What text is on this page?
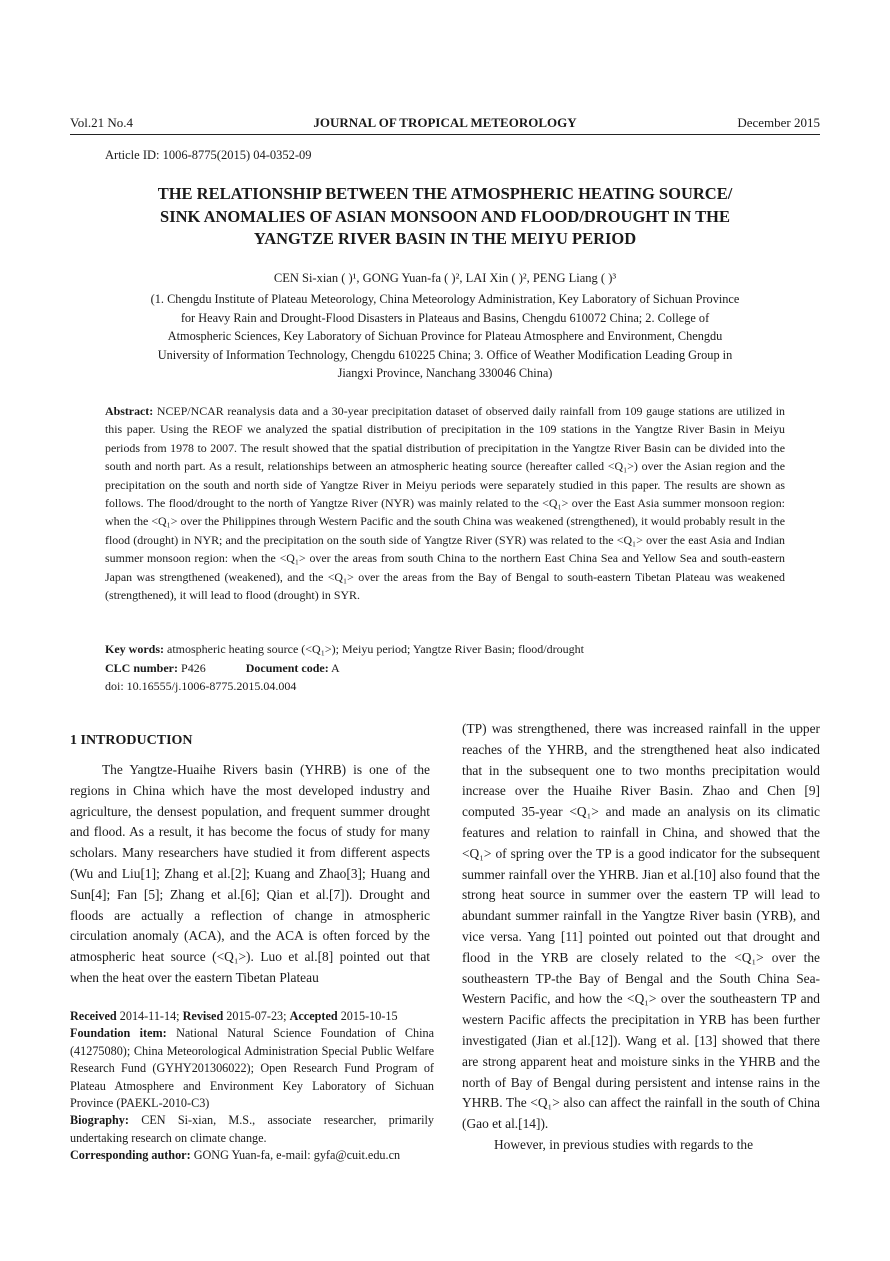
Vol.21 No.4	JOURNAL OF TROPICAL METEOROLOGY	December 2015
Article ID: 1006-8775(2015) 04-0352-09
THE RELATIONSHIP BETWEEN THE ATMOSPHERIC HEATING SOURCE/
SINK ANOMALIES OF ASIAN MONSOON AND FLOOD/DROUGHT IN THE
YANGTZE RIVER BASIN IN THE MEIYU PERIOD
CEN Si-xian ( )¹, GONG Yuan-fa ( )², LAI Xin ( )², PENG Liang ( )³
(1. Chengdu Institute of Plateau Meteorology, China Meteorology Administration, Key Laboratory of Sichuan Province
for Heavy Rain and Drought-Flood Disasters in Plateaus and Basins, Chengdu 610072 China; 2. College of
Atmospheric Sciences, Key Laboratory of Sichuan Province for Plateau Atmosphere and Environment, Chengdu
University of Information Technology, Chengdu 610225 China; 3. Office of Weather Modification Leading Group in
Jiangxi Province, Nanchang 330046 China)

Abstract: NCEP/NCAR reanalysis data and a 30-year precipitation dataset of observed daily rainfall from 109 gauge stations are utilized in this paper. Using the REOF we analyzed the spatial distribution of precipitation in the 109 stations in the Yangtze River Basin in Meiyu periods from 1978 to 2007. The result showed that the spatial distribution of precipitation in the Yangtze River Basin can be divided into the south and north part. As a result, relationships between an atmospheric heating source (hereafter called <Q₁>) over the Asian region and the precipitation on the south and north side of Yangtze River in Meiyu periods were separately studied in this paper. The results are shown as follows. The flood/drought to the north of Yangtze River (NYR) was mainly related to the <Q₁> over the East Asia summer monsoon region: when the <Q₁> over the Philippines through Western Pacific and the south China was weakened (strengthened), it would probably result in the flood (drought) in NYR; and the precipitation on the south side of Yangtze River (SYR) was related to the <Q₁> over the east Asia and Indian summer monsoon region: when the <Q₁> over the areas from south China to the northern East China Sea and Yellow Sea and south-eastern Japan was strengthened (weakened), and the <Q₁> over the areas from the Bay of Bengal to south-eastern Tibetan Plateau was weakened (strengthened), it will lead to flood (drought) in SYR.

Key words: atmospheric heating source (<Q₁>); Meiyu period; Yangtze River Basin; flood/drought
CLC number: P426	Document code: A
doi: 10.16555/j.1006-8775.2015.04.004
1 INTRODUCTION

The Yangtze-Huaihe Rivers basin (YHRB) is one of the regions in China which have the most developed industry and agriculture, the densest population, and frequent summer drought and flood. As a result, it has become the focus of study for many scholars. Many researchers have studied it from different aspects (Wu and Liu[1]; Zhang et al.[2]; Kuang and Zhao[3]; Huang and Sun[4]; Fan [5]; Zhang et al.[6]; Qian et al.[7]). Drought and floods are actually a reflection of change in atmospheric circulation anomaly (ACA), and the ACA is often forced by the atmospheric heat source (<Q₁>). Luo et al.[8] pointed out that when the heat over the eastern Tibetan Plateau

Received 2014-11-14; Revised 2015-07-23; Accepted 2015-10-15

Foundation item: National Natural Science Foundation of China (41275080); China Meteorological Administration Special Public Welfare Research Fund (GYHY201306022); Open Research Fund Program of Plateau Atmosphere and Environment Key Laboratory of Sichuan Province (PAEKL-2010-C3)

Biography: CEN Si-xian, M.S., associate researcher, primarily undertaking research on climate change.

Corresponding author: GONG Yuan-fa, e-mail: gyfa@cuit.edu.cn

(TP) was strengthened, there was increased rainfall in the upper reaches of the YHRB, and the strengthened heat also indicated that in the subsequent one to two months precipitation would increase over the Huaihe River Basin. Zhao and Chen [9] computed 35-year <Q₁> and made an analysis on its climatic features and relation to rainfall in China, and showed that the <Q₁> of spring over the TP is a good indicator for the subsequent summer rainfall over the YHRB. Jian et al.[10] also found that the strong heat source in summer over the eastern TP will lead to abundant summer rainfall in the Yangtze River basin (YRB), and vice versa. Yang [11] pointed out pointed out that drought and flood in the YRB are closely related to the <Q₁> over the southeastern TP-the Bay of Bengal and the South China Sea-Western Pacific, and how the <Q₁> over the southeastern TP and western Pacific affects the precipitation in YRB has been further investigated (Jian et al.[12]). Wang et al. [13] showed that there are strong apparent heat and moisture sinks in the YHRB and the north of Bay of Bengal during persistent and intense rains in the YHRB. The <Q₁> also can affect the rainfall in the south of China (Gao et al.[14]).

However, in previous studies with regards to the
